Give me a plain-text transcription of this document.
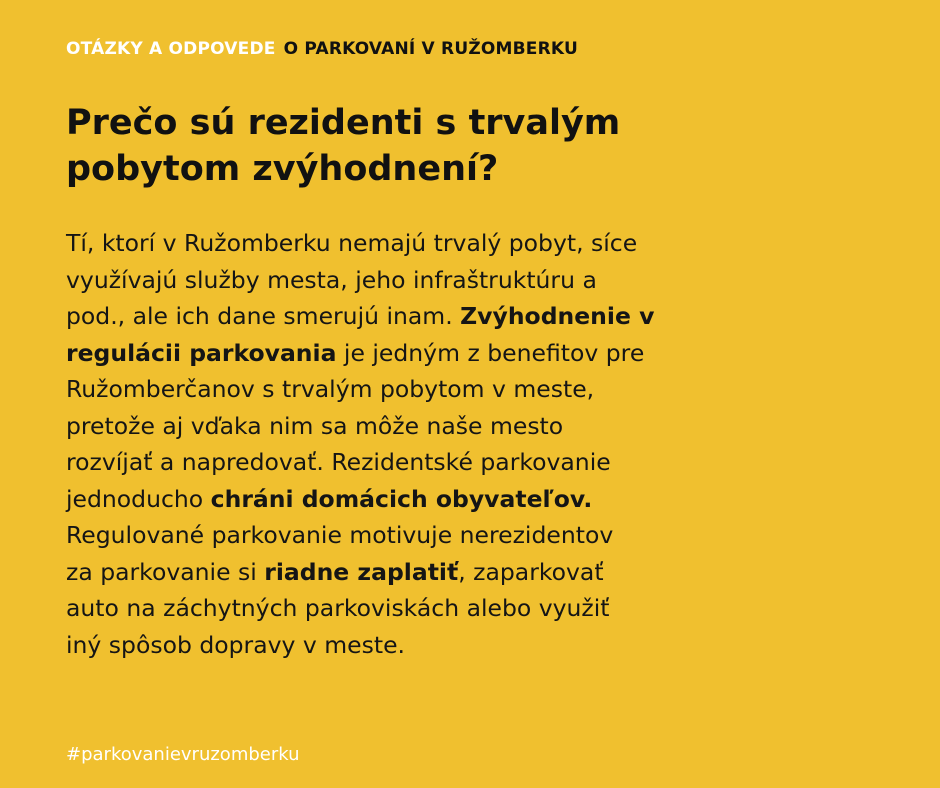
OTÁZKY A ODPOVEDE O PARKOVANÍ V RUŽOMBERKU
Prečo sú rezidenti s trvalým
pobytom zvýhodnení?
Tí, ktorí v Ružomberku nemajú trvalý pobyt, síce
využívajú služby mesta, jeho infraštruktúru a
pod., ale ich dane smerujú inam. Zvýhodnenie v
regulácii parkovania je jedným z benefitov pre
Ružomberčanov s trvalým pobytom v meste,
pretože aj vďaka nim sa môže naše mesto
rozvíjať a napredovať. Rezidentské parkovanie
jednoducho chráni domácich obyvateľov.
Regulované parkovanie motivuje nerezidentov
za parkovanie si riadne zaplatiť, zaparkovať
auto na záchytných parkoviskách alebo využiť
iný spôsob dopravy v meste.
#parkovanievruzomberku
